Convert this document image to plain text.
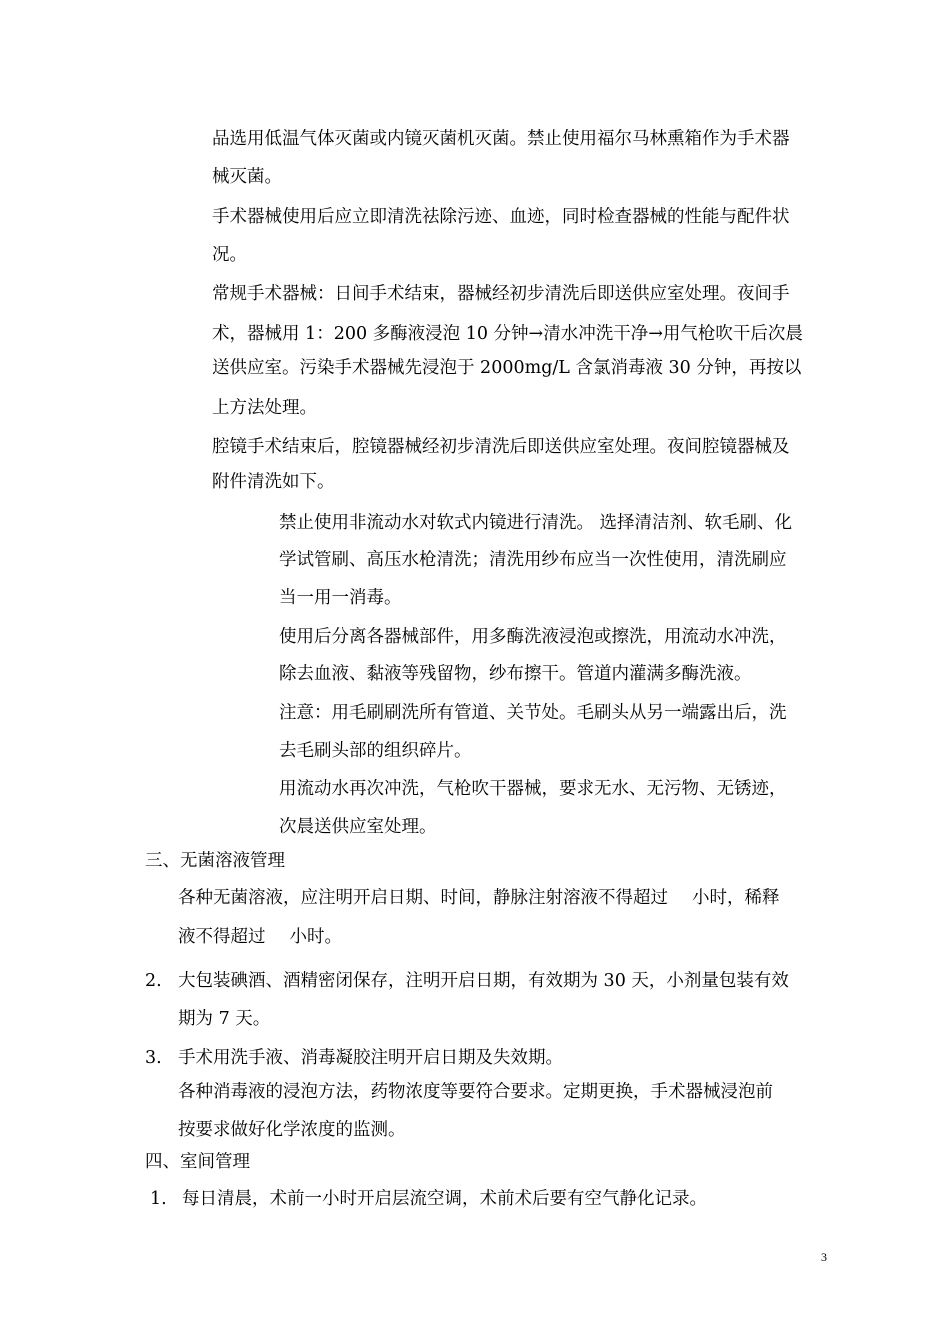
品选用低温气体灭菌或内镜灭菌机灭菌。禁止使用福尔马林熏箱作为手术器
械灭菌。
手术器械使用后应立即清洗祛除污迹、血迹，同时检查器械的性能与配件状
况。
常规手术器械：日间手术结束，器械经初步清洗后即送供应室处理。夜间手
术，器械用 1：200 多酶液浸泡 10 分钟→清水冲洗干净→用气枪吹干后次晨
送供应室。污染手术器械先浸泡于 2000mg/L 含氯消毒液 30 分钟，再按以
上方法处理。
腔镜手术结束后，腔镜器械经初步清洗后即送供应室处理。夜间腔镜器械及
附件清洗如下。
禁止使用非流动水对软式内镜进行清洗。 选择清洁剂、软毛刷、化
学试管刷、高压水枪清洗；清洗用纱布应当一次性使用，清洗刷应
当一用一消毒。
使用后分离各器械部件，用多酶洗液浸泡或擦洗，用流动水冲洗，
除去血液、黏液等残留物，纱布擦干。管道内灌满多酶洗液。
注意：用毛刷刷洗所有管道、关节处。毛刷头从另一端露出后，洗
去毛刷头部的组织碎片。
用流动水再次冲洗，气枪吹干器械，要求无水、无污物、无锈迹，
次晨送供应室处理。
三、无菌溶液管理
各种无菌溶液，应注明开启日期、时间，静脉注射溶液不得超过 小时，稀释
液不得超过 小时。
2. 大包装碘酒、酒精密闭保存，注明开启日期，有效期为 30 天，小剂量包装有效
期为 7 天。
3. 手术用洗手液、消毒凝胶注明开启日期及失效期。
各种消毒液的浸泡方法，药物浓度等要符合要求。定期更换，手术器械浸泡前
按要求做好化学浓度的监测。
四、室间管理
1. 每日清晨，术前一小时开启层流空调，术前术后要有空气静化记录。
3
